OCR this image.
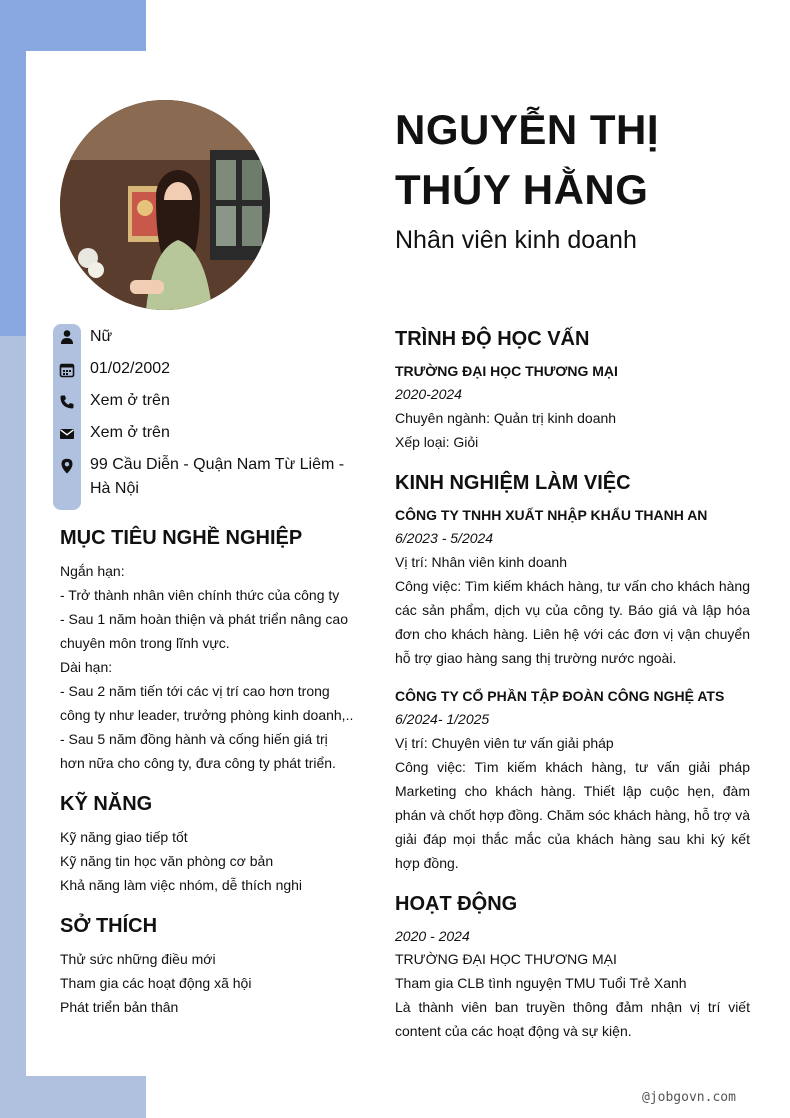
NGUYỄN THỊ
THÚY HẰNG
Nhân viên kinh doanh
Nữ
01/02/2002
Xem ở trên
Xem ở trên
99 Cầu Diễn - Quận Nam Từ Liêm -
Hà Nội
MỤC TIÊU NGHỀ NGHIỆP
Ngắn hạn:
- Trở thành nhân viên chính thức của công ty
- Sau 1 năm hoàn thiện và phát triển nâng cao
chuyên môn trong lĩnh vực.
Dài hạn:
- Sau 2 năm tiến tới các vị trí cao hơn trong
công ty như leader, trưởng phòng kinh doanh,..
- Sau 5 năm đồng hành và cống hiến giá trị
hơn nữa cho công ty, đưa công ty phát triển.
KỸ NĂNG
Kỹ năng giao tiếp tốt
Kỹ năng tin học văn phòng cơ bản
Khả năng làm việc nhóm, dễ thích nghi
SỞ THÍCH
Thử sức những điều mới
Tham gia các hoạt động xã hội
Phát triển bản thân
TRÌNH ĐỘ HỌC VẤN
TRƯỜNG ĐẠI HỌC THƯƠNG MẠI
2020-2024
Chuyên ngành: Quản trị kinh doanh
Xếp loại: Giỏi
KINH NGHIỆM LÀM VIỆC
CÔNG TY TNHH XUẤT NHẬP KHẨU THANH AN
6/2023 - 5/2024
Vị trí: Nhân viên kinh doanh
Công việc: Tìm kiếm khách hàng, tư vấn cho khách hàng các sản phẩm, dịch vụ của công ty. Báo giá và lập hóa đơn cho khách hàng. Liên hệ với các đơn vị vận chuyển hỗ trợ giao hàng sang thị trường nước ngoài.
CÔNG TY CỔ PHẦN TẬP ĐOÀN CÔNG NGHỆ ATS
6/2024- 1/2025
Vị trí: Chuyên viên tư vấn giải pháp
Công việc: Tìm kiếm khách hàng, tư vấn giải pháp Marketing cho khách hàng. Thiết lập cuộc hẹn, đàm phán và chốt hợp đồng. Chăm sóc khách hàng, hỗ trợ và giải đáp mọi thắc mắc của khách hàng sau khi ký kết hợp đồng.
HOẠT ĐỘNG
2020 - 2024
TRƯỜNG ĐẠI HỌC THƯƠNG MẠI
Tham gia CLB tình nguyện TMU Tuổi Trẻ Xanh
Là thành viên ban truyền thông đảm nhận vị trí viết content của các hoạt động và sự kiện.
@jobgovn.com
